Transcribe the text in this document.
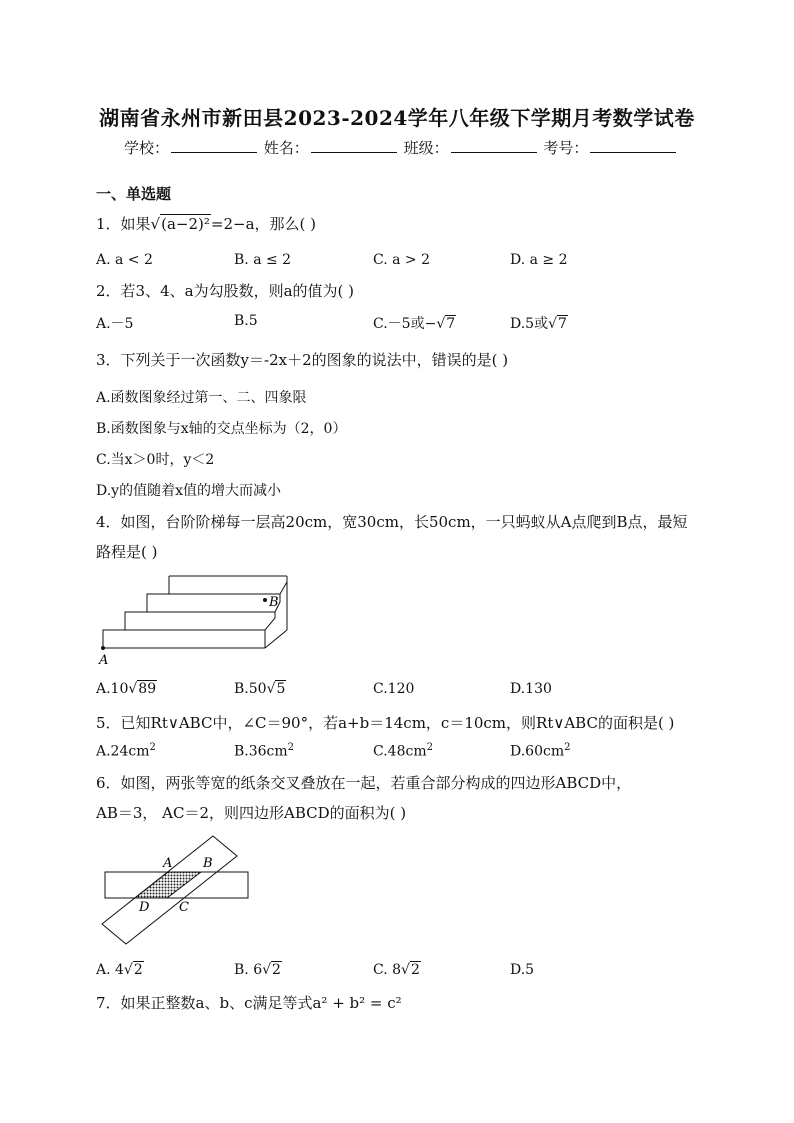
湖南省永州市新田县2023-2024学年八年级下学期月考数学试卷
学校：	姓名：	班级：	考号：
一、单选题
1．如果√(a−2)²=2−a，那么( )
A. a < 2	B. a ≤ 2	C. a > 2	D. a ≥ 2
2．若3、4、a为勾股数，则a的值为( )
A.－5	B.5	C.－5或−√7	D.5或√7
3．下列关于一次函数y＝-2x＋2的图象的说法中，错误的是( )
A.函数图象经过第一、二、四象限
B.函数图象与x轴的交点坐标为（2，0）
C.当x＞0时，y＜2
D.y的值随着x值的增大而减小
4．如图，台阶阶梯每一层高20cm，宽30cm，长50cm，一只蚂蚁从A点爬到B点，最短
路程是( )
A
B
A.10√89	B.50√5	C.120	D.130
5．已知Rt∨ABC中，∠C＝90°，若a+b＝14cm，c＝10cm，则Rt∨ABC的面积是( )
$A.24cm^2$	$B.36cm^2$	$C.48cm^2$	$D.60cm^2$
6．如图，两张等宽的纸条交叉叠放在一起，若重合部分构成的四边形ABCD中，
AB＝3， AC＝2，则四边形ABCD的面积为( )
A B
C
D
A. 4√2	B. 6√2	C. 8√2	D.5
7．如果正整数a、b、c满足等式a² + b² = c²
